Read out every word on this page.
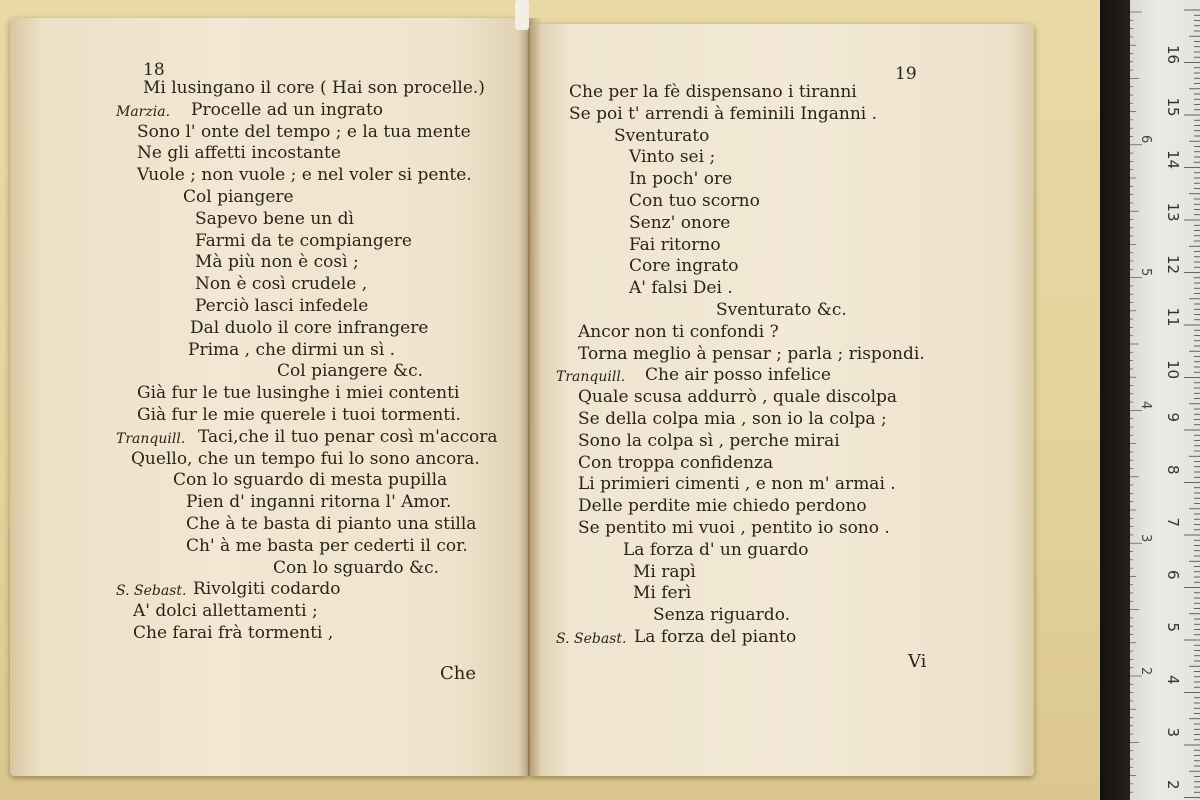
18	19
Mi lusingano il core ( Hai son procelle.)
Marzia. Procelle ad un ingrato
Sono l' onte del tempo ; e la tua mente
Ne gli affetti incostante
Vuole ; non vuole ; e nel voler si pente.
Col piangere
Sapevo bene un dì
Farmi da te compiangere
Mà più non è così ;
Non è così crudele ,
Perciò lasci infedele
Dal duolo il core infrangere
Prima , che dirmi un sì .
Col piangere &c.
Già fur le tue lusinghe i miei contenti
Già fur le mie querele i tuoi tormenti.
Tranquill. Taci,che il tuo penar così m'accora
Quello, che un tempo fui lo sono ancora.
Con lo sguardo di mesta pupilla
Pien d' inganni ritorna l' Amor.
Che à te basta di pianto una stilla
Ch' à me basta per cederti il cor.
Con lo sguardo &c.
S. Sebast. Rivolgiti codardo
A' dolci allettamenti ;
Che farai frà tormenti ,
Che per la fè dispensano i tiranni
Se poi t' arrendi à feminili Inganni .
Sventurato
Vinto sei ;
In poch' ore
Con tuo scorno
Senz' onore
Fai ritorno
Core ingrato
A' falsi Dei .
Sventurato &c.
Ancor non ti confondi ?
Torna meglio à pensar ; parla ; rispondi.
Tranquill. Che air posso infelice
Quale scusa addurrò , quale discolpa
Se della colpa mia , son io la colpa ;
Sono la colpa sì , perche mirai
Con troppa confidenza
Li primieri cimenti , e non m' armai .
Delle perdite mie chiedo perdono
Se pentito mi vuoi , pentito io sono .
La forza d' un guardo
Mi rapì
Mi ferì
Senza riguardo.
S. Sebast. La forza del pianto
Che
Vi
16
15
14
13
12
11
10
9
8
7
6
5
4
3
2
6
5
4
3
2
